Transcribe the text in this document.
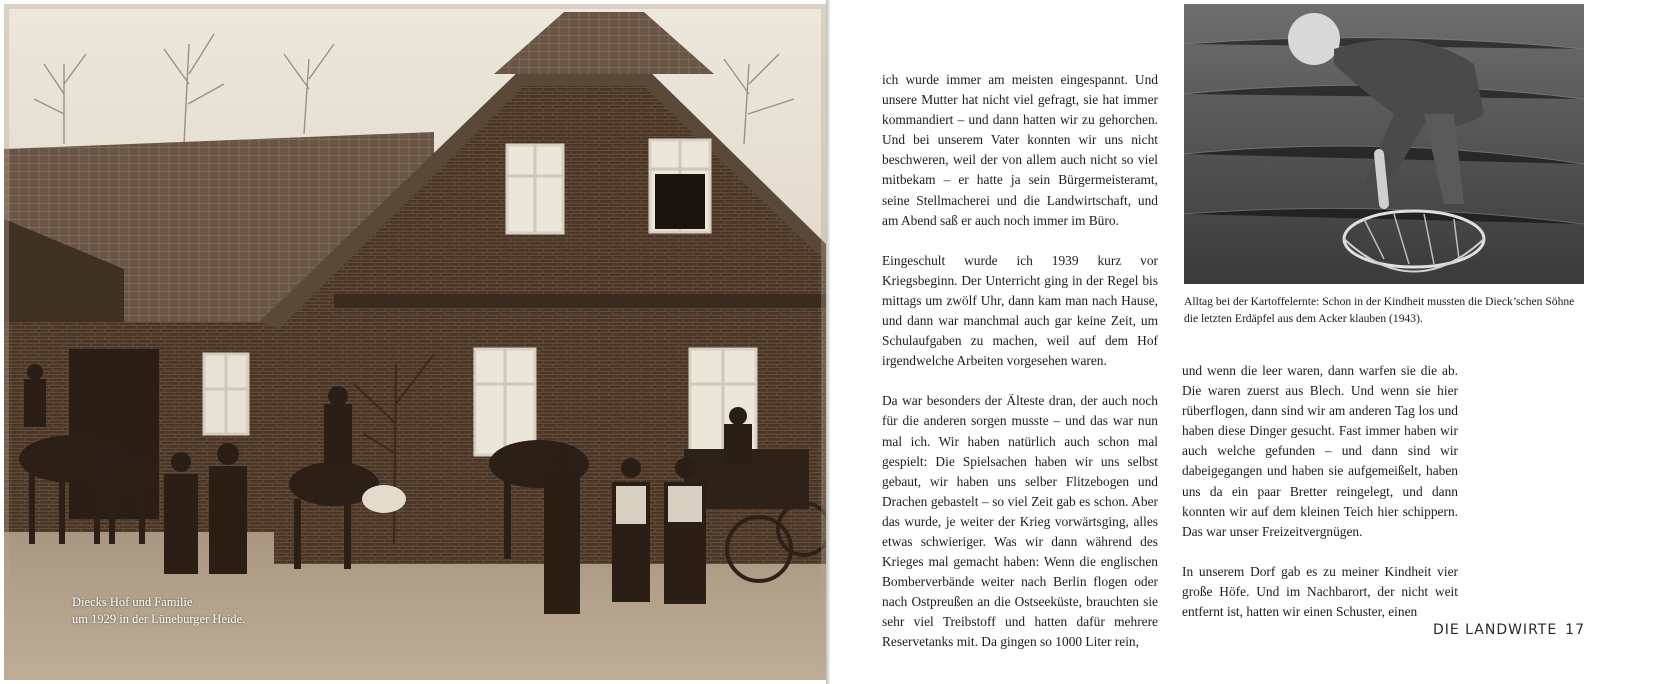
Diecks Hof und Familie
um 1929 in der Lüneburger Heide.
Alltag bei der Kartoffelernte: Schon in der Kindheit mussten die Dieck’schen Söhne die letzten Erdäpfel aus dem Acker klauben (1943).

ich wurde immer am meisten eingespannt. Und unsere Mutter hat nicht viel gefragt, sie hat immer kommandiert – und dann hatten wir zu gehorchen. Und bei unserem Vater konnten wir uns nicht beschweren, weil der von allem auch nicht so viel mitbekam – er hatte ja sein Bürgermeisteramt, seine Stellmacherei und die Landwirtschaft, und am Abend saß er auch noch immer im Büro.

Eingeschult wurde ich 1939 kurz vor Kriegsbeginn. Der Unterricht ging in der Regel bis mittags um zwölf Uhr, dann kam man nach Hause, und dann war manchmal auch gar keine Zeit, um Schulaufgaben zu machen, weil auf dem Hof irgendwelche Arbeiten vorgesehen waren.

Da war besonders der Älteste dran, der auch noch für die anderen sorgen musste – und das war nun mal ich. Wir haben natürlich auch schon mal gespielt: Die Spielsachen haben wir uns selbst gebaut, wir haben uns selber Flitzebogen und Drachen gebastelt – so viel Zeit gab es schon. Aber das wurde, je weiter der Krieg vorwärtsging, alles etwas schwieriger. Was wir dann während des Krieges mal gemacht haben: Wenn die englischen Bomberverbände weiter nach Berlin flogen oder nach Ostpreußen an die Ostseeküste, brauchten sie sehr viel Treibstoff und hatten dafür mehrere Reservetanks mit. Da gingen so 1000 Liter rein,

und wenn die leer waren, dann warfen sie die ab. Die waren zuerst aus Blech. Und wenn sie hier rüberflogen, dann sind wir am anderen Tag los und haben diese Dinger gesucht. Fast immer haben wir auch welche gefunden – und dann sind wir dabeigegangen und haben sie aufgemeißelt, haben uns da ein paar Bretter reingelegt, und dann konnten wir auf dem kleinen Teich hier schippern. Das war unser Freizeitvergnügen.

In unserem Dorf gab es zu meiner Kindheit vier große Höfe. Und im Nachbarort, der nicht weit entfernt ist, hatten wir einen Schuster, einen

DIE LANDWIRTE 17
